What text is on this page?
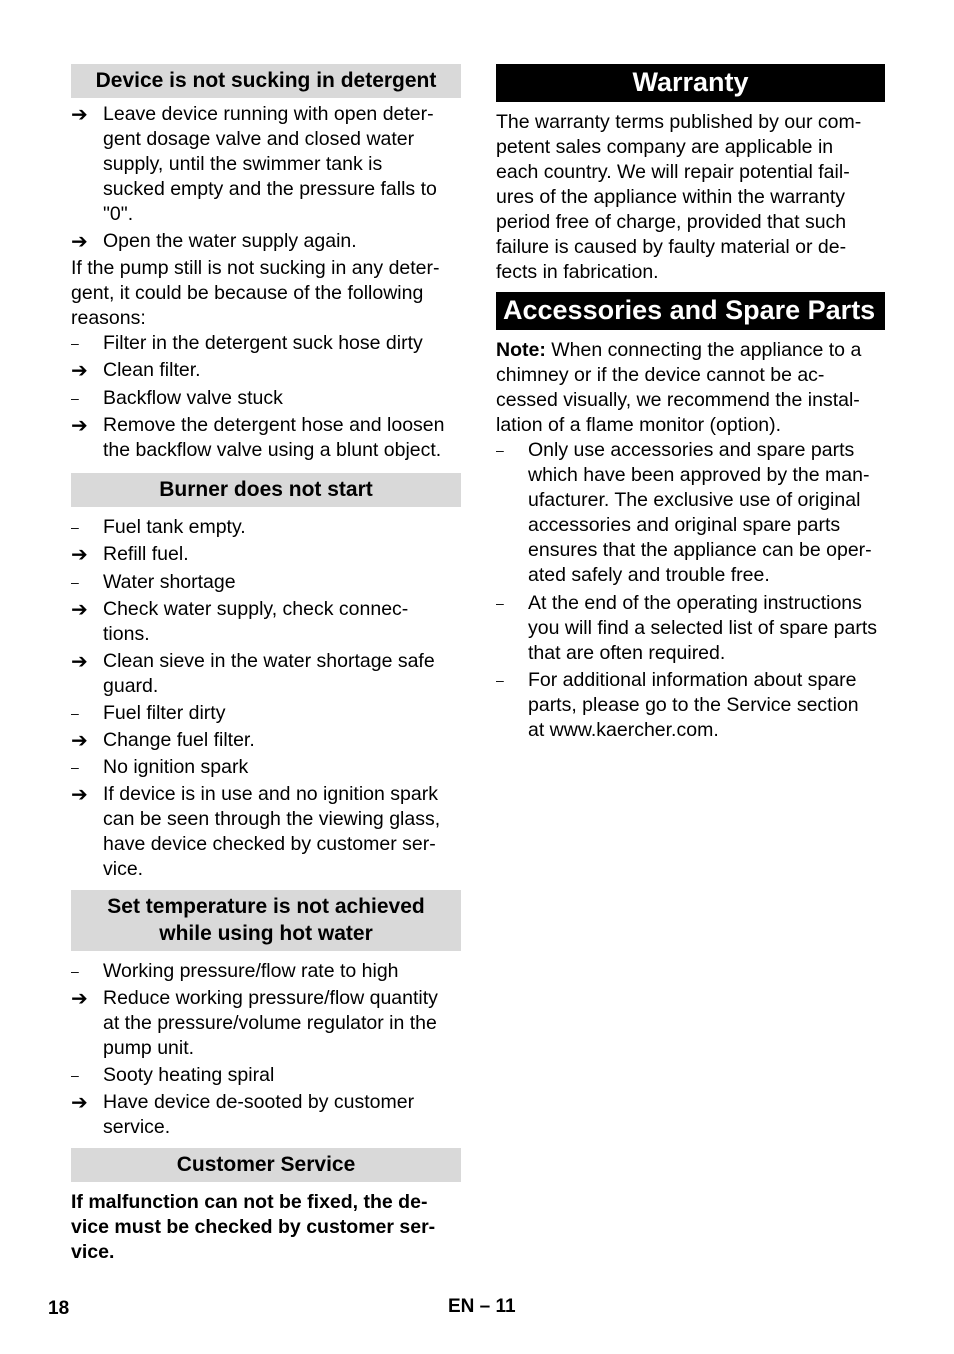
Device is not sucking in detergent
➔ Leave device running with open deter-
gent dosage valve and closed water
supply, until the swimmer tank is
sucked empty and the pressure falls to
"0".
➔ Open the water supply again.
If the pump still is not sucking in any deter-
gent, it could be because of the following
reasons:
–	Filter in the detergent suck hose dirty
➔ Clean filter.
–	Backflow valve stuck
➔ Remove the detergent hose and loosen
the backflow valve using a blunt object.
Burner does not start
–	Fuel tank empty.
➔ Refill fuel.
–	Water shortage
➔ Check water supply, check connec-
tions.
➔ Clean sieve in the water shortage safe
guard.
–	Fuel filter dirty
➔ Change fuel filter.
–	No ignition spark
➔ If device is in use and no ignition spark
can be seen through the viewing glass,
have device checked by customer ser-
vice.
Set temperature is not achieved
while using hot water
–	Working pressure/flow rate to high
➔ Reduce working pressure/flow quantity
at the pressure/volume regulator in the
pump unit.
–	Sooty heating spiral
➔ Have device de-sooted by customer
service.
Customer Service
If malfunction can not be fixed, the de-
vice must be checked by customer ser-
vice.
Warranty
The warranty terms published by our com-
petent sales company are applicable in
each country. We will repair potential fail-
ures of the appliance within the warranty
period free of charge, provided that such
failure is caused by faulty material or de-
fects in fabrication.
Accessories and Spare Parts
Note: When connecting the appliance to a
chimney or if the device cannot be ac-
cessed visually, we recommend the instal-
lation of a flame monitor (option).
–	Only use accessories and spare parts
which have been approved by the man-
ufacturer. The exclusive use of original
accessories and original spare parts
ensures that the appliance can be oper-
ated safely and trouble free.
–	At the end of the operating instructions
you will find a selected list of spare parts
that are often required.
–	For additional information about spare
parts, please go to the Service section
at www.kaercher.com.
18	EN – 11
